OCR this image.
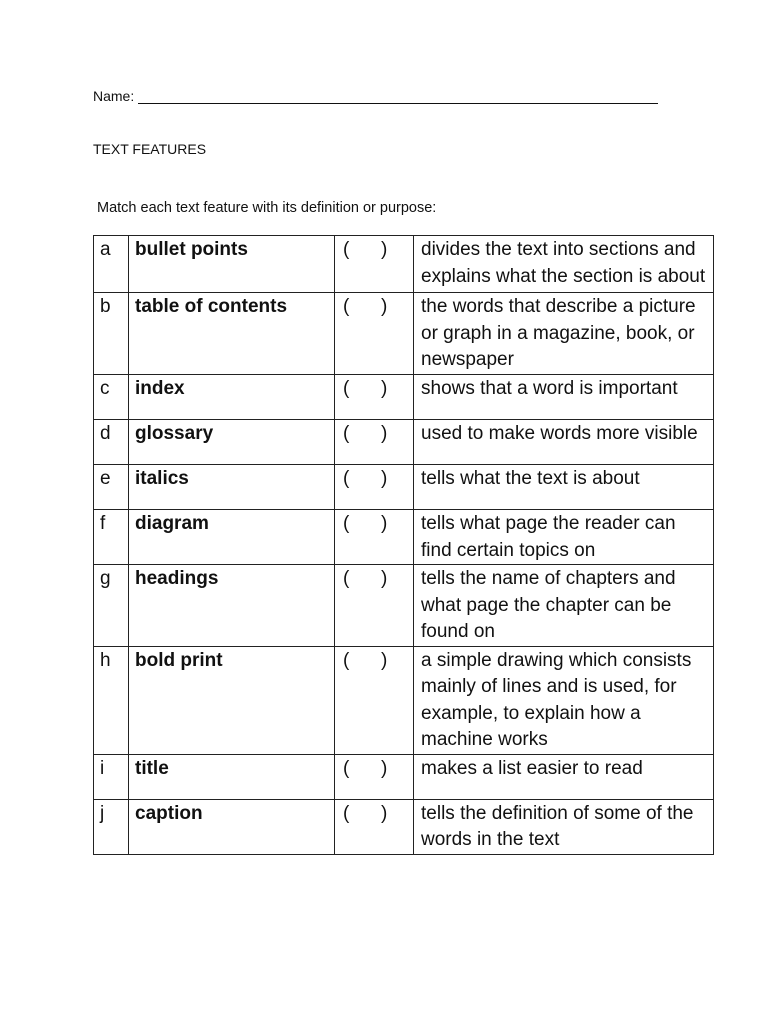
Name:
TEXT FEATURES
Match each text feature with its definition or purpose:
a	bullet points	(      )	divides the text into sections and explains what the section is about
b	table of contents	(      )	the words that describe a picture or graph in a magazine, book, or newspaper
c	index	(      )	shows that a word is important
d	glossary	(      )	used to make words more visible
e	italics	(      )	tells what the text is about
f	diagram	(      )	tells what page the reader can find certain topics on
g	headings	(      )	tells the name of chapters and what page the chapter can be found on
h	bold print	(      )	a simple drawing which consists mainly of lines and is used, for example, to explain how a machine works
i	title	(      )	makes a list easier to read
j	caption	(      )	tells the definition of some of the words in the text
